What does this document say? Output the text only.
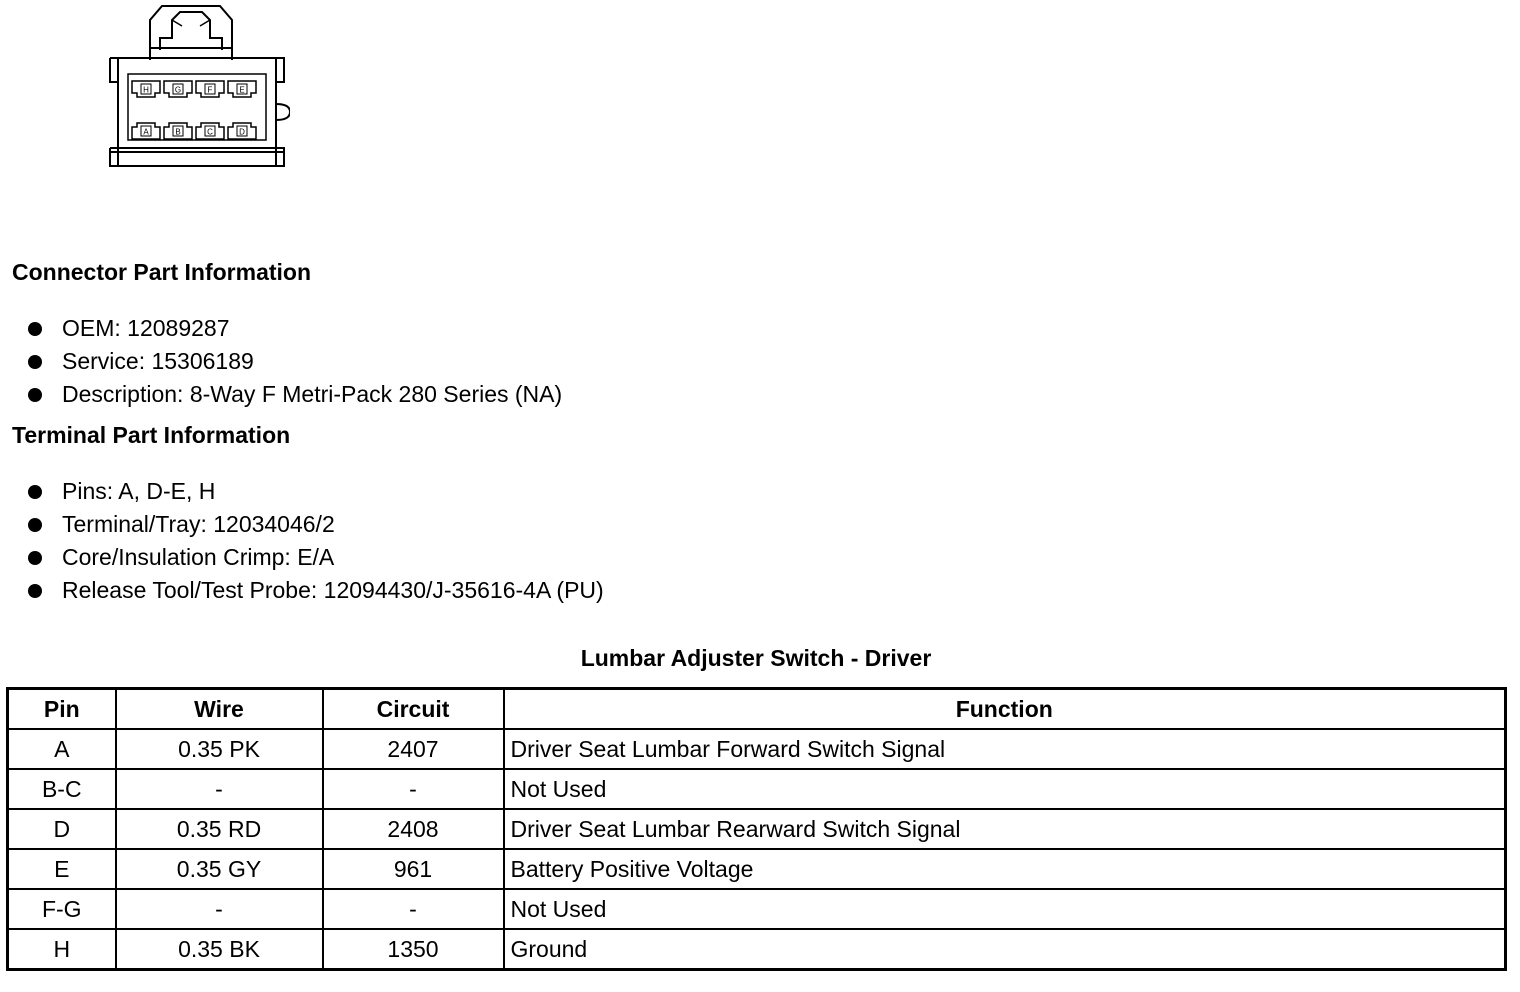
H	G	F	E
A	B	C	D
Connector Part Information
OEM: 12089287
Service: 15306189
Description: 8-Way F Metri-Pack 280 Series (NA)
Terminal Part Information
Pins: A, D-E, H
Terminal/Tray: 12034046/2
Core/Insulation Crimp: E/A
Release Tool/Test Probe: 12094430/J-35616-4A (PU)
Lumbar Adjuster Switch - Driver
Pin	Wire	Circuit	Function
A	0.35 PK	2407	Driver Seat Lumbar Forward Switch Signal
B-C	-	-	Not Used
D	0.35 RD	2408	Driver Seat Lumbar Rearward Switch Signal
E	0.35 GY	961	Battery Positive Voltage
F-G	-	-	Not Used
H	0.35 BK	1350	Ground
